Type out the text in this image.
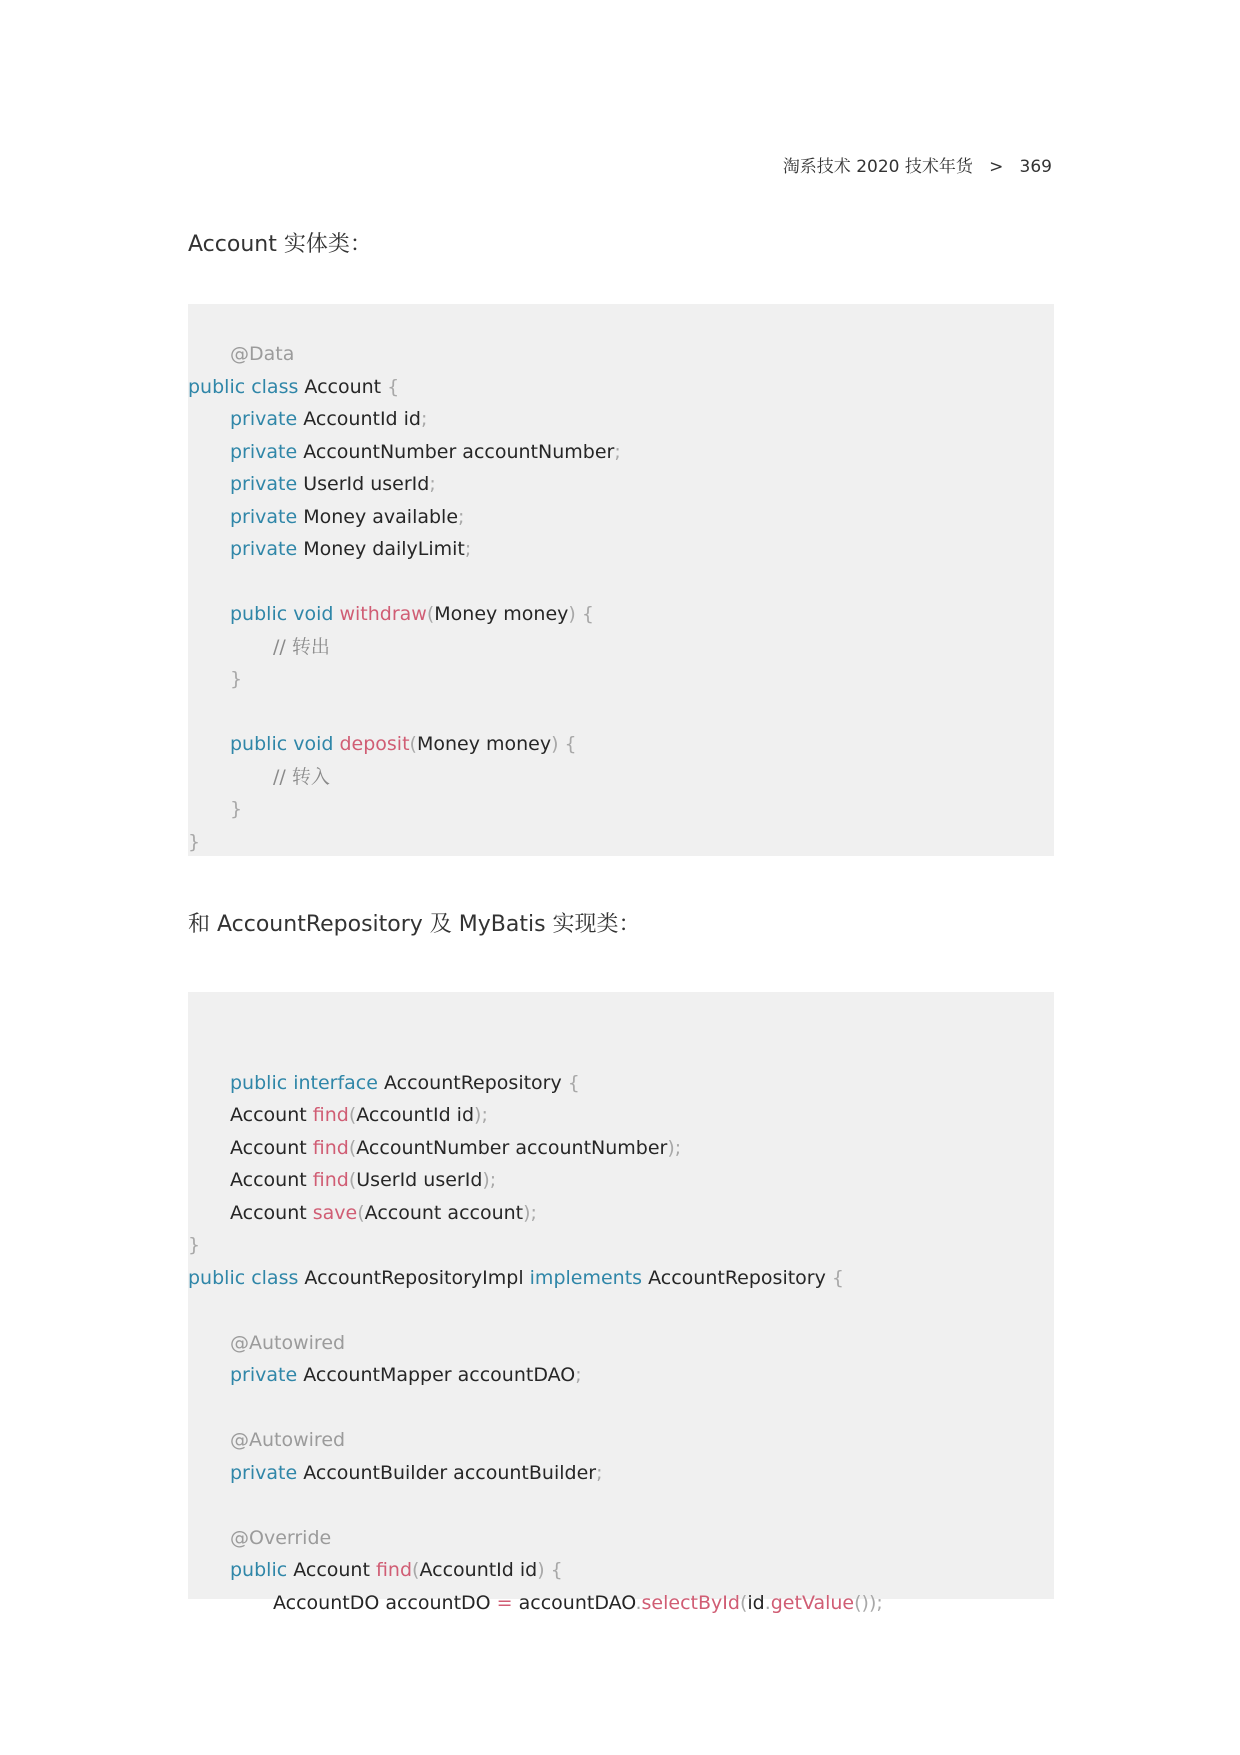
淘系技术 2020 技术年货   >   369
Account 实体类：
@Data
public class Account {
private AccountId id;
private AccountNumber accountNumber;
private UserId userId;
private Money available;
private Money dailyLimit;
public void withdraw(Money money) {
// 转出
}
public void deposit(Money money) {
// 转入
}
}
和 AccountRepository 及 MyBatis 实现类：
public interface AccountRepository {
Account find(AccountId id);
Account find(AccountNumber accountNumber);
Account find(UserId userId);
Account save(Account account);
}
public class AccountRepositoryImpl implements AccountRepository {
@Autowired
private AccountMapper accountDAO;
@Autowired
private AccountBuilder accountBuilder;
@Override
public Account find(AccountId id) {
AccountDO accountDO = accountDAO.selectById(id.getValue());
